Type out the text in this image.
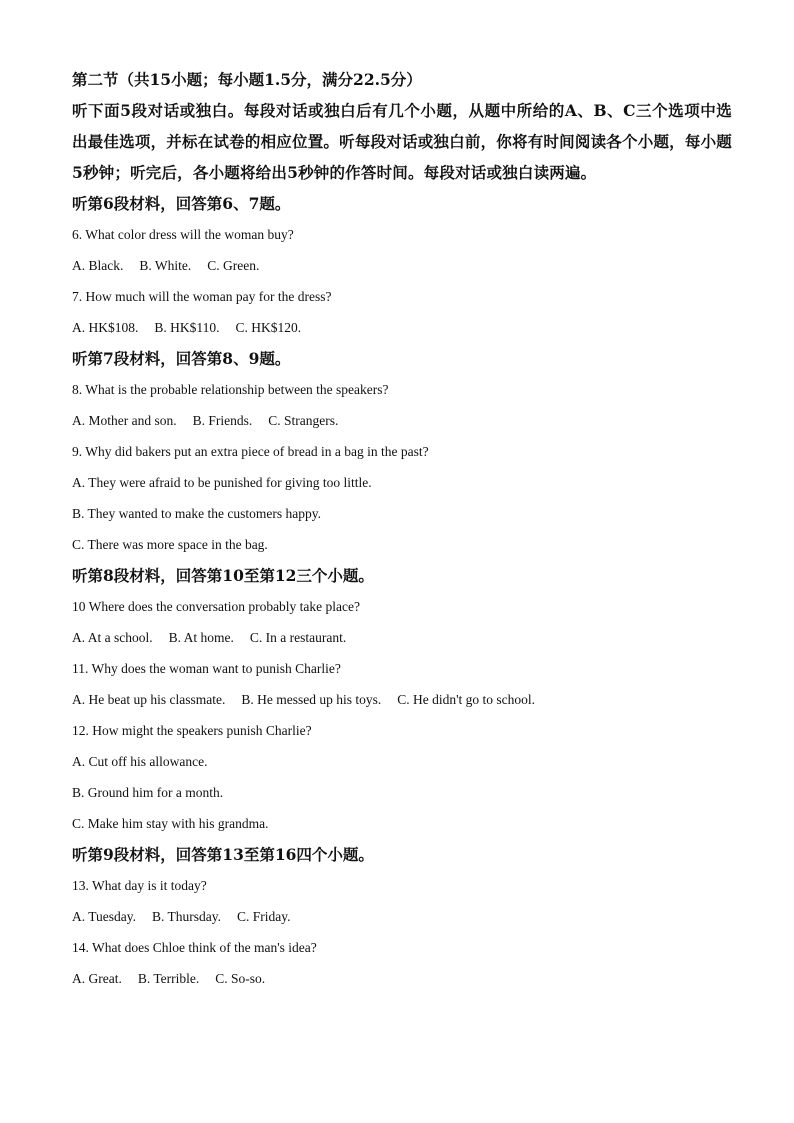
第二节（共15小题；每小题1.5分，满分22.5分）

听下面5段对话或独白。每段对话或独白后有几个小题，从题中所给的A、B、C三个选项中选出最佳选项，并标在试卷的相应位置。听每段对话或独白前，你将有时间阅读各个小题，每小题5秒钟；听完后，各小题将给出5秒钟的作答时间。每段对话或独白读两遍。

听第6段材料，回答第6、7题。

6. What color dress will the woman buy?

A. Black. B. White. C. Green.

7. How much will the woman pay for the dress?

A. HK$108. B. HK$110. C. HK$120.

听第7段材料，回答第8、9题。

8. What is the probable relationship between the speakers?

A. Mother and son. B. Friends. C. Strangers.

9. Why did bakers put an extra piece of bread in a bag in the past?

A. They were afraid to be punished for giving too little.

B. They wanted to make the customers happy.

C. There was more space in the bag.

听第8段材料，回答第10至第12三个小题。

10 Where does the conversation probably take place?

A. At a school. B. At home. C. In a restaurant.

11. Why does the woman want to punish Charlie?

A. He beat up his classmate. B. He messed up his toys. C. He didn't go to school.

12. How might the speakers punish Charlie?

A. Cut off his allowance.

B. Ground him for a month.

C. Make him stay with his grandma.

听第9段材料，回答第13至第16四个小题。

13. What day is it today?

A. Tuesday. B. Thursday. C. Friday.

14. What does Chloe think of the man's idea?

A. Great. B. Terrible. C. So-so.
